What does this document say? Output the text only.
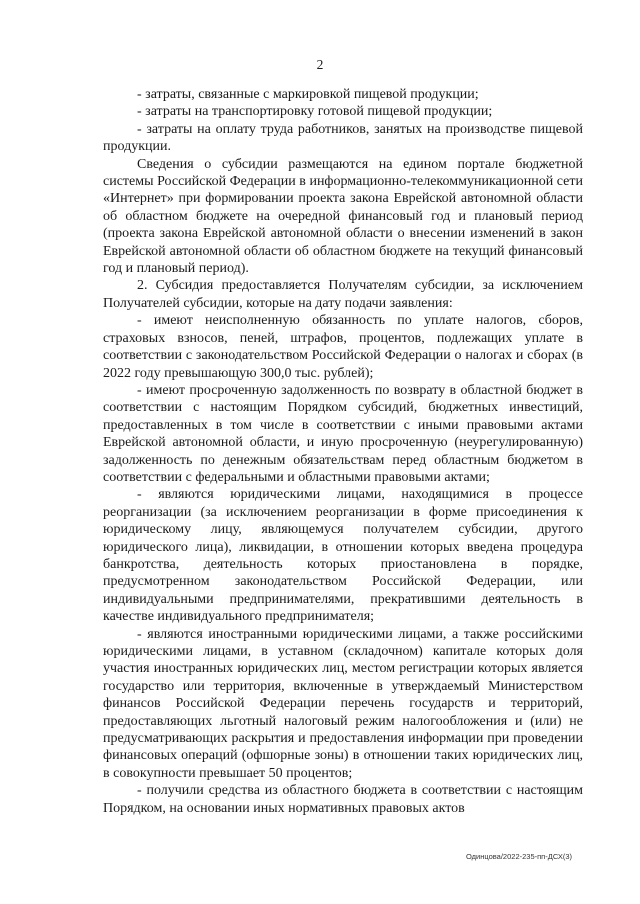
2

- затраты, связанные с маркировкой пищевой продукции;

- затраты на транспортировку готовой пищевой продукции;

- затраты на оплату труда работников, занятых на производстве пищевой продукции.

Сведения о субсидии размещаются на едином портале бюджетной системы Российской Федерации в информационно-телекоммуникационной сети «Интернет» при формировании проекта закона Еврейской автономной области об областном бюджете на очередной финансовый год и плановый период (проекта закона Еврейской автономной области о внесении изменений в закон Еврейской автономной области об областном бюджете на текущий финансовый год и плановый период).

2. Субсидия предоставляется Получателям субсидии, за исключением Получателей субсидии, которые на дату подачи заявления:

- имеют неисполненную обязанность по уплате налогов, сборов, страховых взносов, пеней, штрафов, процентов, подлежащих уплате в соответствии с законодательством Российской Федерации о налогах и сборах (в 2022 году превышающую 300,0 тыс. рублей);

- имеют просроченную задолженность по возврату в областной бюджет в соответствии с настоящим Порядком субсидий, бюджетных инвестиций, предоставленных в том числе в соответствии с иными правовыми актами Еврейской автономной области, и иную просроченную (неурегулированную) задолженность по денежным обязательствам перед областным бюджетом в соответствии с федеральными и областными правовыми актами;

- являются юридическими лицами, находящимися в процессе реорганизации (за исключением реорганизации в форме присоединения к юридическому лицу, являющемуся получателем субсидии, другого юридического лица), ликвидации, в отношении которых введена процедура банкротства, деятельность которых приостановлена в порядке, предусмотренном законодательством Российской Федерации, или индивидуальными предпринимателями, прекратившими деятельность в качестве индивидуального предпринимателя;

- являются иностранными юридическими лицами, а также российскими юридическими лицами, в уставном (складочном) капитале которых доля участия иностранных юридических лиц, местом регистрации которых является государство или территория, включенные в утверждаемый Министерством финансов Российской Федерации перечень государств и территорий, предоставляющих льготный налоговый режим налогообложения и (или) не предусматривающих раскрытия и предоставления информации при проведении финансовых операций (офшорные зоны) в отношении таких юридических лиц, в совокупности превышает 50 процентов;

- получили средства из областного бюджета в соответствии с настоящим Порядком, на основании иных нормативных правовых актов

Одинцова/2022-235-пп-ДСХ(3)
